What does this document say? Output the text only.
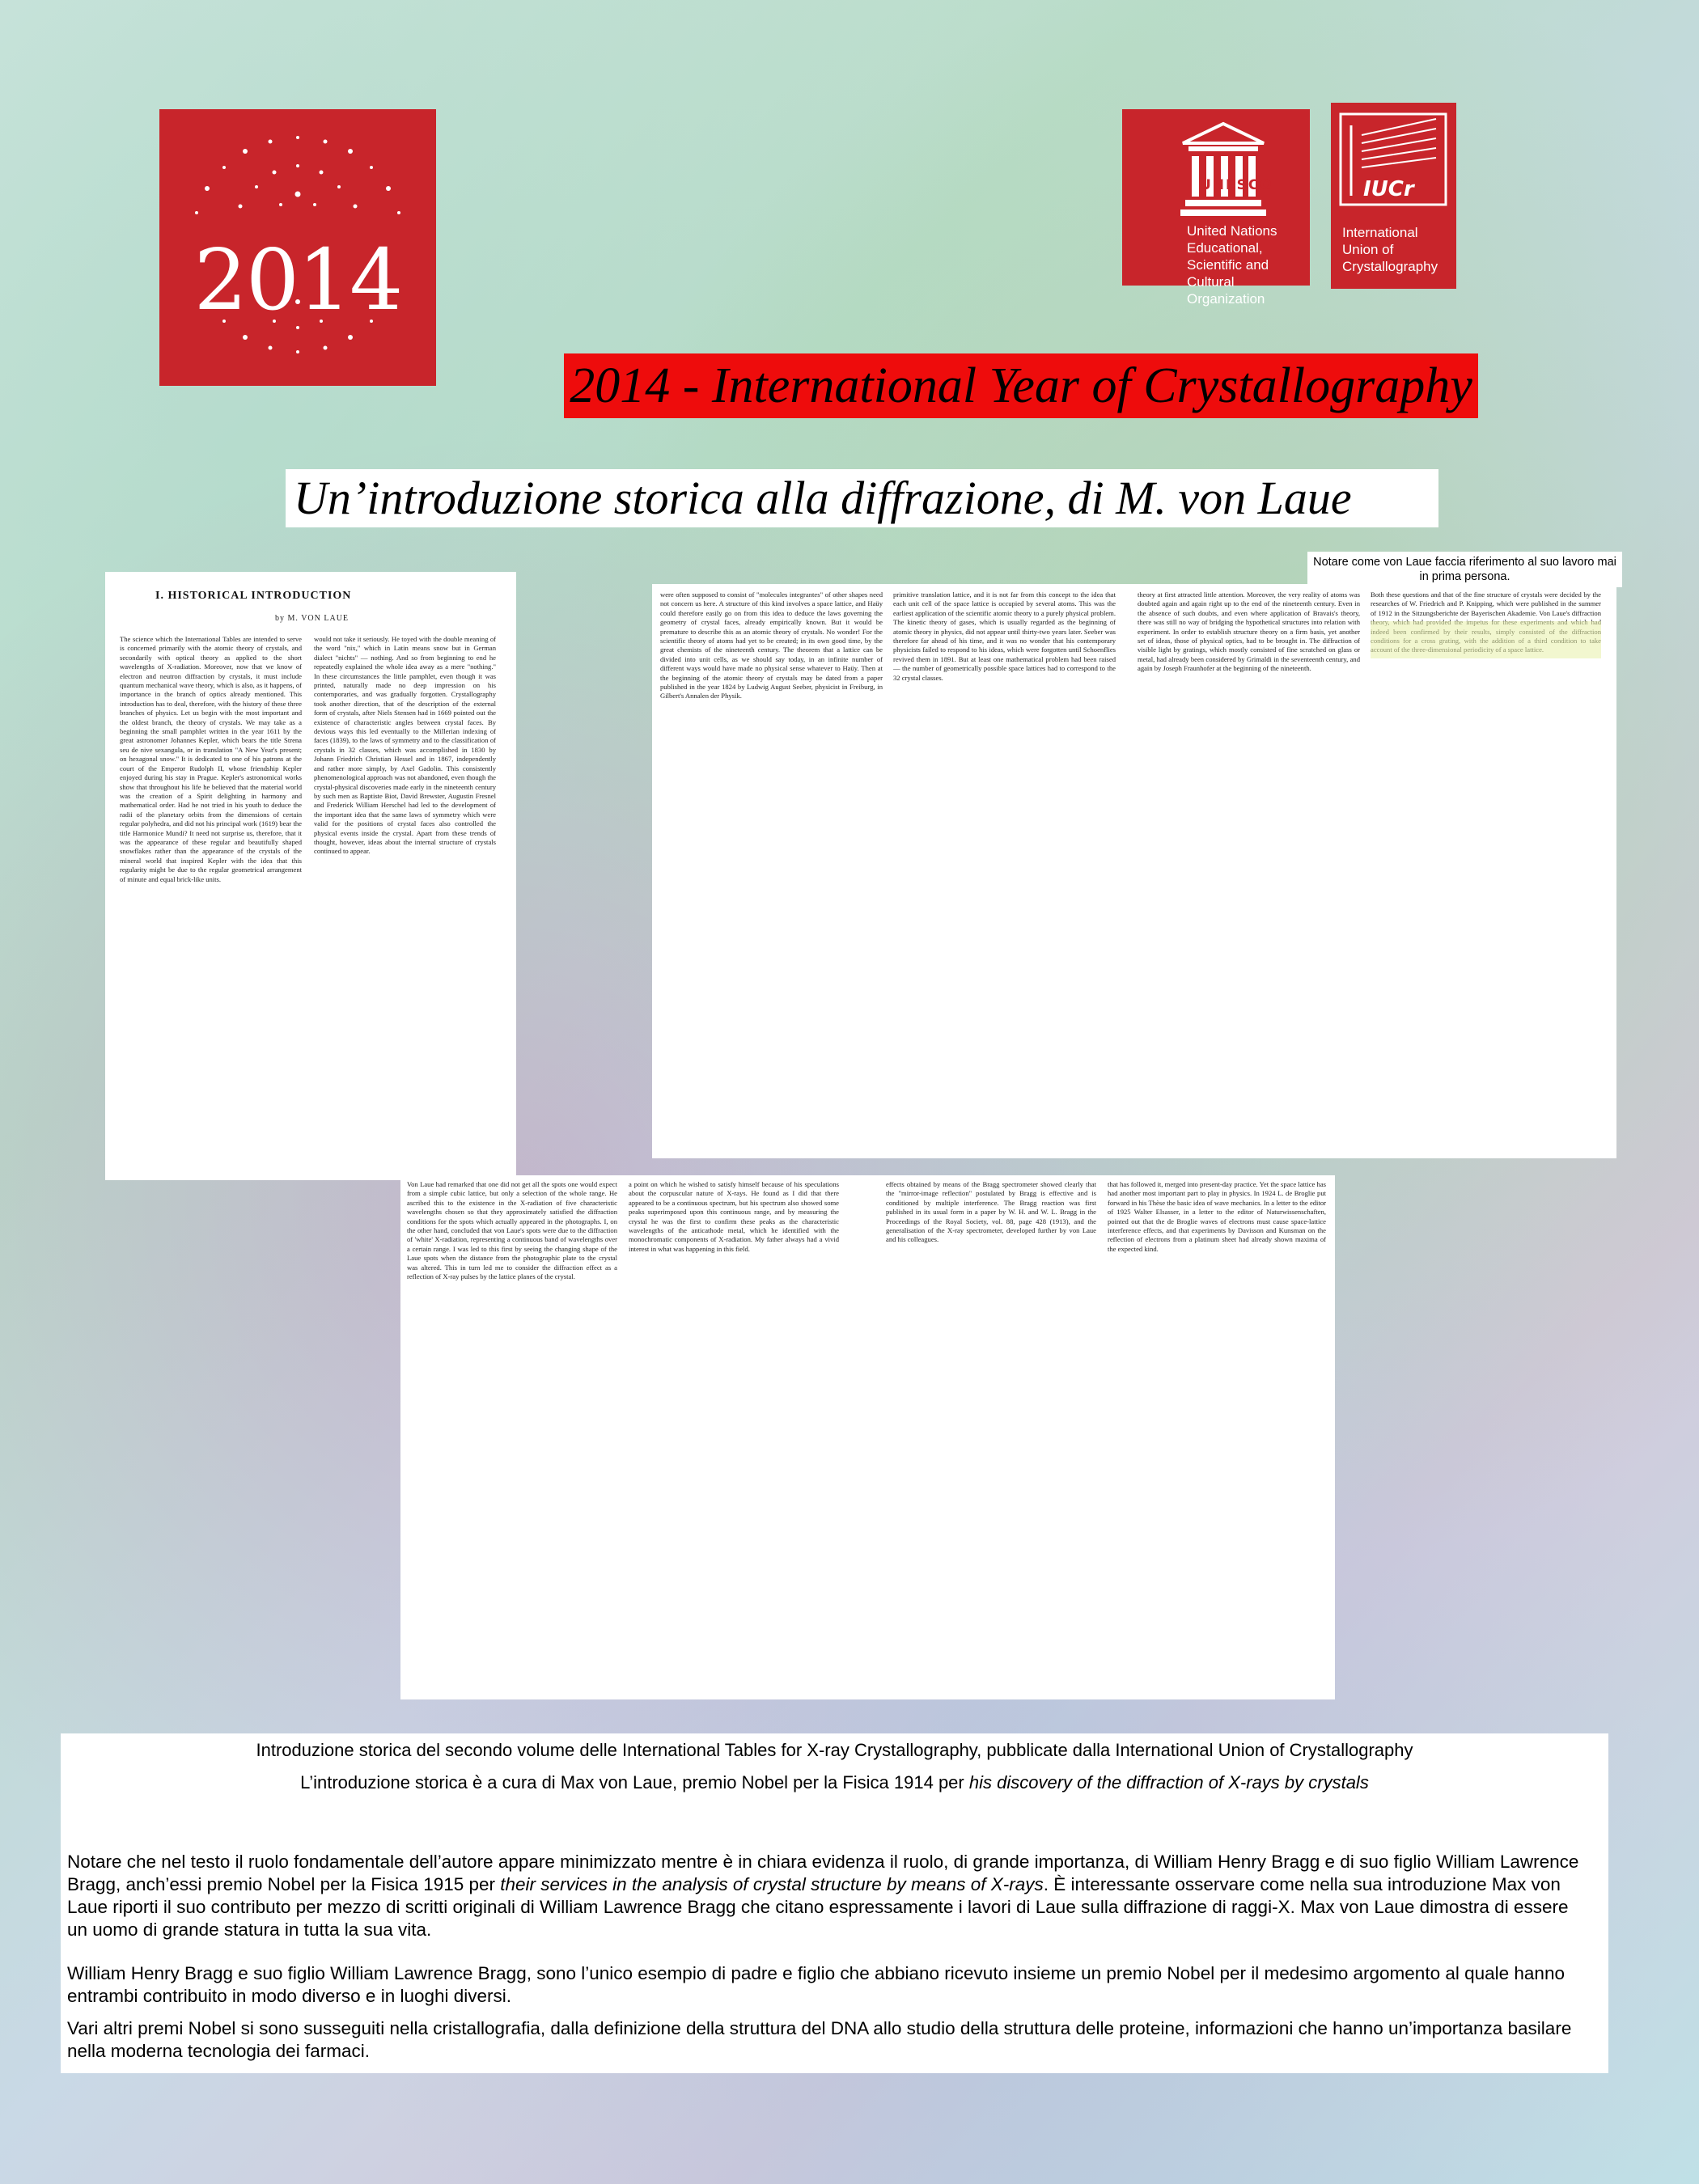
2014
UNESCO
United Nations
Educational, Scientific and
Cultural Organization
IUCr
International
Union of
Crystallography
2014 - International Year of Crystallography
Un’introduzione storica alla diffrazione, di M. von Laue
Notare come von Laue faccia riferimento al suo lavoro mai in prima persona.
I. HISTORICAL INTRODUCTION
by M. VON LAUE
The science which the International Tables are intended to serve is concerned primarily with the atomic theory of crystals, and secondarily with optical theory as applied to the short wavelengths of X-radiation. Moreover, now that we know of electron and neutron diffraction by crystals, it must include quantum mechanical wave theory, which is also, as it happens, of importance in the branch of optics already mentioned. This introduction has to deal, therefore, with the history of these three branches of physics. Let us begin with the most important and the oldest branch, the theory of crystals. We may take as a beginning the small pamphlet written in the year 1611 by the great astronomer Johannes Kepler, which bears the title Strena seu de nive sexangula, or in translation "A New Year's present; on hexagonal snow." It is dedicated to one of his patrons at the court of the Emperor Rudolph II, whose friendship Kepler enjoyed during his stay in Prague. Kepler's astronomical works show that throughout his life he believed that the material world was the creation of a Spirit delighting in harmony and mathematical order. Had he not tried in his youth to deduce the radii of the planetary orbits from the dimensions of certain regular polyhedra, and did not his principal work (1619) bear the title Harmonice Mundi? It need not surprise us, therefore, that it was the appearance of these regular and beautifully shaped snowflakes rather than the appearance of the crystals of the mineral world that inspired Kepler with the idea that this regularity might be due to the regular geometrical arrangement of minute and equal brick-like units.
would not take it seriously. He toyed with the double meaning of the word "nix," which in Latin means snow but in German dialect "nichts" — nothing. And so from beginning to end he repeatedly explained the whole idea away as a mere "nothing." In these circumstances the little pamphlet, even though it was printed, naturally made no deep impression on his contemporaries, and was gradually forgotten. Crystallography took another direction, that of the description of the external form of crystals, after Niels Stensen had in 1669 pointed out the existence of characteristic angles between crystal faces. By devious ways this led eventually to the Millerian indexing of faces (1839), to the laws of symmetry and to the classification of crystals in 32 classes, which was accomplished in 1830 by Johann Friedrich Christian Hessel and in 1867, independently and rather more simply, by Axel Gadolin. This consistently phenomenological approach was not abandoned, even though the crystal-physical discoveries made early in the nineteenth century by such men as Baptiste Biot, David Brewster, Augustin Fresnel and Frederick William Herschel had led to the development of the important idea that the same laws of symmetry which were valid for the positions of crystal faces also controlled the physical events inside the crystal. Apart from these trends of thought, however, ideas about the internal structure of crystals continued to appear.
were often supposed to consist of "molecules integrantes" of other shapes need not concern us here. A structure of this kind involves a space lattice, and Haüy could therefore easily go on from this idea to deduce the laws governing the geometry of crystal faces, already empirically known. But it would be premature to describe this as an atomic theory of crystals. No wonder! For the scientific theory of atoms had yet to be created; in its own good time, by the great chemists of the nineteenth century. The theorem that a lattice can be divided into unit cells, as we should say today, in an infinite number of different ways would have made no physical sense whatever to Haüy. Then at the beginning of the atomic theory of crystals may be dated from a paper published in the year 1824 by Ludwig August Seeber, physicist in Freiburg, in Gilbert's Annalen der Physik.
primitive translation lattice, and it is not far from this concept to the idea that each unit cell of the space lattice is occupied by several atoms. This was the earliest application of the scientific atomic theory to a purely physical problem. The kinetic theory of gases, which is usually regarded as the beginning of atomic theory in physics, did not appear until thirty-two years later. Seeber was therefore far ahead of his time, and it was no wonder that his contemporary physicists failed to respond to his ideas, which were forgotten until Schoenflies revived them in 1891. But at least one mathematical problem had been raised — the number of geometrically possible space lattices had to correspond to the 32 crystal classes.
theory at first attracted little attention. Moreover, the very reality of atoms was doubted again and again right up to the end of the nineteenth century. Even in the absence of such doubts, and even where application of Bravais's theory, there was still no way of bridging the hypothetical structures into relation with experiment. In order to establish structure theory on a firm basis, yet another set of ideas, those of physical optics, had to be brought in. The diffraction of visible light by gratings, which mostly consisted of fine scratched on glass or metal, had already been considered by Grimaldi in the seventeenth century, and again by Joseph Fraunhofer at the beginning of the nineteenth.
Both these questions and that of the fine structure of crystals were decided by the researches of W. Friedrich and P. Knipping, which were published in the summer of 1912 in the Sitzungsberichte der Bayerischen Akademie. Von Laue's diffraction
Von Laue had remarked that one did not get all the spots one would expect from a simple cubic lattice, but only a selection of the whole range. He ascribed this to the existence in the X-radiation of five characteristic wavelengths chosen so that they approximately satisfied the diffraction conditions for the spots which actually appeared in the photographs. I, on the other hand, concluded that von Laue's spots were due to the diffraction of 'white' X-radiation, representing a continuous band of wavelengths over a certain range. I was led to this first by seeing the changing shape of the Laue spots when the distance from the photographic plate to the crystal was altered. This in turn led me to consider the diffraction effect as a reflection of X-ray pulses by the lattice planes of the crystal.
a point on which he wished to satisfy himself because of his speculations about the corpuscular nature of X-rays. He found as I did that there appeared to be a continuous spectrum, but his spectrum also showed some peaks superimposed upon this continuous range, and by measuring the crystal he was the first to confirm these peaks as the characteristic wavelengths of the anticathode metal, which he identified with the monochromatic components of X-radiation. My father always had a vivid interest in what was happening in this field.
effects obtained by means of the Bragg spectrometer showed clearly that the "mirror-image reflection" postulated by Bragg is effective and is conditioned by multiple interference. The Bragg reaction was first published in its usual form in a paper by W. H. and W. L. Bragg in the Proceedings of the Royal Society, vol. 88, page 428 (1913), and the generalisation of the X-ray spectrometer, developed further by von Laue and his colleagues.
that has followed it, merged into present-day practice. Yet the space lattice has had another most important part to play in physics. In 1924 L. de Broglie put forward in his Thèse the basic idea of wave mechanics. In a letter to the editor of 1925 Walter Elsasser, in a letter to the editor of Naturwissenschaften, pointed out that the de Broglie waves of electrons must cause space-lattice interference effects, and that experiments by Davisson and Kunsman on the reflection of electrons from a platinum sheet had already shown maxima of the expected kind.
Introduzione storica del secondo volume delle International Tables for X-ray Crystallography, pubblicate dalla International Union of Crystallography
L’introduzione storica è a cura di Max von Laue, premio Nobel per la Fisica 1914 per his discovery of the diffraction of X-rays by crystals
Notare che nel testo il ruolo fondamentale dell’autore appare minimizzato mentre è in chiara evidenza il ruolo, di grande importanza, di William Henry Bragg e di suo figlio William Lawrence Bragg, anch’essi premio Nobel per la Fisica 1915 per their services in the analysis of crystal structure by means of X-rays. È interessante osservare come nella sua introduzione Max von Laue riporti il suo contributo per mezzo di scritti originali di William Lawrence Bragg che citano espressamente i lavori di Laue sulla diffrazione di raggi-X. Max von Laue dimostra di essere un uomo di grande statura in tutta la sua vita.
William Henry Bragg e suo figlio William Lawrence Bragg, sono l’unico esempio di padre e figlio che abbiano ricevuto insieme un premio Nobel per il medesimo argomento al quale hanno entrambi contribuito in modo diverso e in luoghi diversi.
Vari altri premi Nobel si sono susseguiti nella cristallografia, dalla definizione della struttura del DNA allo studio della struttura delle proteine, informazioni che hanno un’importanza basilare nella moderna tecnologia dei farmaci.
